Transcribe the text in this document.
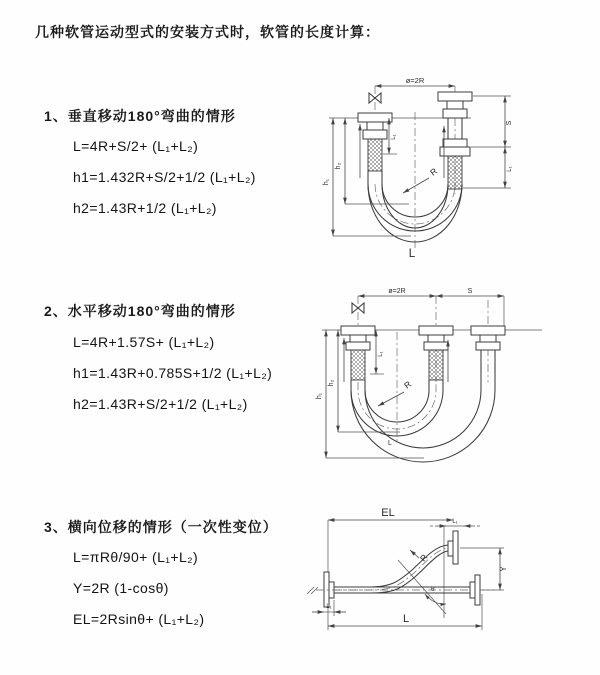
几种软管运动型式的安装方式时，软管的长度计算：
1、垂直移动180°弯曲的情形
L=4R+S/2+ (L₁+L₂)
h1=1.432R+S/2+1/2 (L₁+L₂)
h2=1.43R+1/2 (L₁+L₂)
ø=2R
h₁
h₂
L₁
S
L₁
R
L
2、水平移动180°弯曲的情形
L=4R+1.57S+ (L₁+L₂)
h1=1.43R+0.785S+1/2 (L₁+L₂)
h2=1.43R+S/2+1/2 (L₁+L₂)
ø=2R	S
h₁
h₂
L₁
R
L
3、横向位移的情形（一次性变位）
L=πRθ/90+ (L₁+L₂)
Y=2R (1-cosθ)
EL=2Rsinθ+ (L₁+L₂)
EL
L₁
θ
R
Y
L₁
L
